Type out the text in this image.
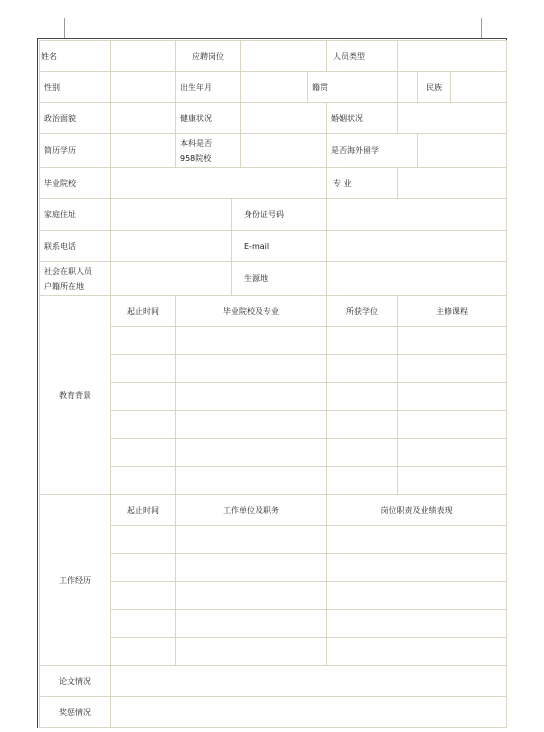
姓名		应聘岗位				人员类型			
性别		出生年月			籍贯			民族	
政治面貌		健康状况				婚姻状况			
简历学历		本科是否
958院校				是否海外留学			
毕业院校						专 业			
家庭住址			身份证号码						
联系电话			E-mail						
社会在职人员
户籍所在地			生源地						
教育背景	起止时间	毕业院校及专业				所获学位	主修课程		

工作经历	起止时间	工作单位及职务				岗位职责及业绩表现			

论文情况									
奖惩情况									
